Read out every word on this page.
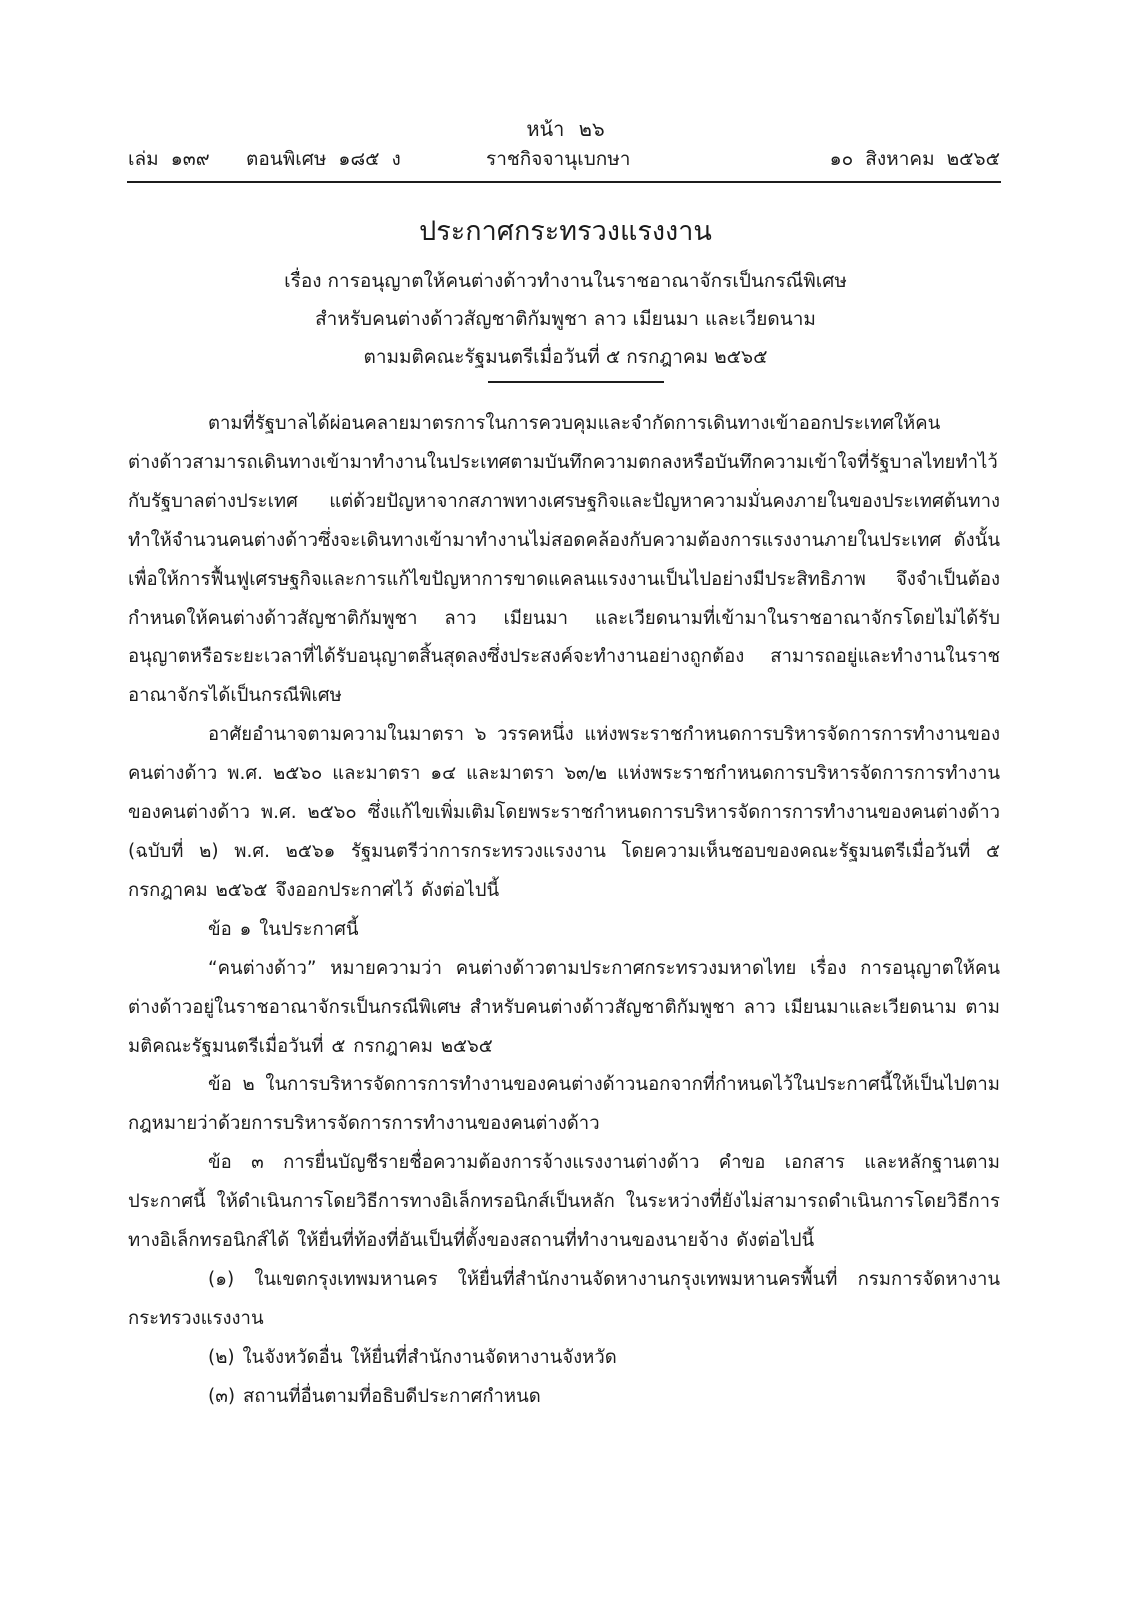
หน้า ๒๖
เล่ม ๑๓๙ ตอนพิเศษ ๑๘๕ ง	ราชกิจจานุเบกษา	๑๐ สิงหาคม ๒๕๖๕
ประกาศกระทรวงแรงงาน
เรื่อง การอนุญาตให้คนต่างด้าวทำงานในราชอาณาจักรเป็นกรณีพิเศษ
สำหรับคนต่างด้าวสัญชาติกัมพูชา ลาว เมียนมา และเวียดนาม
ตามมติคณะรัฐมนตรีเมื่อวันที่ ๕ กรกฎาคม ๒๕๖๕

ตามที่รัฐบาลได้ผ่อนคลายมาตรการในการควบคุมและจำกัดการเดินทางเข้าออกประเทศให้คนต่างด้าวสามารถเดินทางเข้ามาทำงานในประเทศตามบันทึกความตกลงหรือบันทึกความเข้าใจที่รัฐบาลไทยทำไว้กับรัฐบาลต่างประเทศ แต่ด้วยปัญหาจากสภาพทางเศรษฐกิจและปัญหาความมั่นคงภายในของประเทศต้นทาง ทำให้จำนวนคนต่างด้าวซึ่งจะเดินทางเข้ามาทำงานไม่สอดคล้องกับความต้องการแรงงานภายในประเทศ ดังนั้น เพื่อให้การฟื้นฟูเศรษฐกิจและการแก้ไขปัญหาการขาดแคลนแรงงานเป็นไปอย่างมีประสิทธิภาพ จึงจำเป็นต้องกำหนดให้คนต่างด้าวสัญชาติกัมพูชา ลาว เมียนมา และเวียดนามที่เข้ามาในราชอาณาจักรโดยไม่ได้รับอนุญาตหรือระยะเวลาที่ได้รับอนุญาตสิ้นสุดลงซึ่งประสงค์จะทำงานอย่างถูกต้อง สามารถอยู่และทำงานในราชอาณาจักรได้เป็นกรณีพิเศษ

อาศัยอำนาจตามความในมาตรา ๖ วรรคหนึ่ง แห่งพระราชกำหนดการบริหารจัดการการทำงานของคนต่างด้าว พ.ศ. ๒๕๖๐ และมาตรา ๑๔ และมาตรา ๖๓/๒ แห่งพระราชกำหนดการบริหารจัดการการทำงานของคนต่างด้าว พ.ศ. ๒๕๖๐ ซึ่งแก้ไขเพิ่มเติมโดยพระราชกำหนดการบริหารจัดการการทำงานของคนต่างด้าว (ฉบับที่ ๒) พ.ศ. ๒๕๖๑ รัฐมนตรีว่าการกระทรวงแรงงาน โดยความเห็นชอบของคณะรัฐมนตรีเมื่อวันที่ ๕ กรกฎาคม ๒๕๖๕ จึงออกประกาศไว้ ดังต่อไปนี้

ข้อ ๑ ในประกาศนี้

“คนต่างด้าว” หมายความว่า คนต่างด้าวตามประกาศกระทรวงมหาดไทย เรื่อง การอนุญาตให้คนต่างด้าวอยู่ในราชอาณาจักรเป็นกรณีพิเศษ สำหรับคนต่างด้าวสัญชาติกัมพูชา ลาว เมียนมาและเวียดนาม ตามมติคณะรัฐมนตรีเมื่อวันที่ ๕ กรกฎาคม ๒๕๖๕

ข้อ ๒ ในการบริหารจัดการการทำงานของคนต่างด้าวนอกจากที่กำหนดไว้ในประกาศนี้ให้เป็นไปตามกฎหมายว่าด้วยการบริหารจัดการการทำงานของคนต่างด้าว

ข้อ ๓ การยื่นบัญชีรายชื่อความต้องการจ้างแรงงานต่างด้าว คำขอ เอกสาร และหลักฐานตามประกาศนี้ ให้ดำเนินการโดยวิธีการทางอิเล็กทรอนิกส์เป็นหลัก ในระหว่างที่ยังไม่สามารถดำเนินการโดยวิธีการทางอิเล็กทรอนิกส์ได้ ให้ยื่นที่ท้องที่อันเป็นที่ตั้งของสถานที่ทำงานของนายจ้าง ดังต่อไปนี้

(๑) ในเขตกรุงเทพมหานคร ให้ยื่นที่สำนักงานจัดหางานกรุงเทพมหานครพื้นที่ กรมการจัดหางานกระทรวงแรงงาน

(๒) ในจังหวัดอื่น ให้ยื่นที่สำนักงานจัดหางานจังหวัด

(๓) สถานที่อื่นตามที่อธิบดีประกาศกำหนด
